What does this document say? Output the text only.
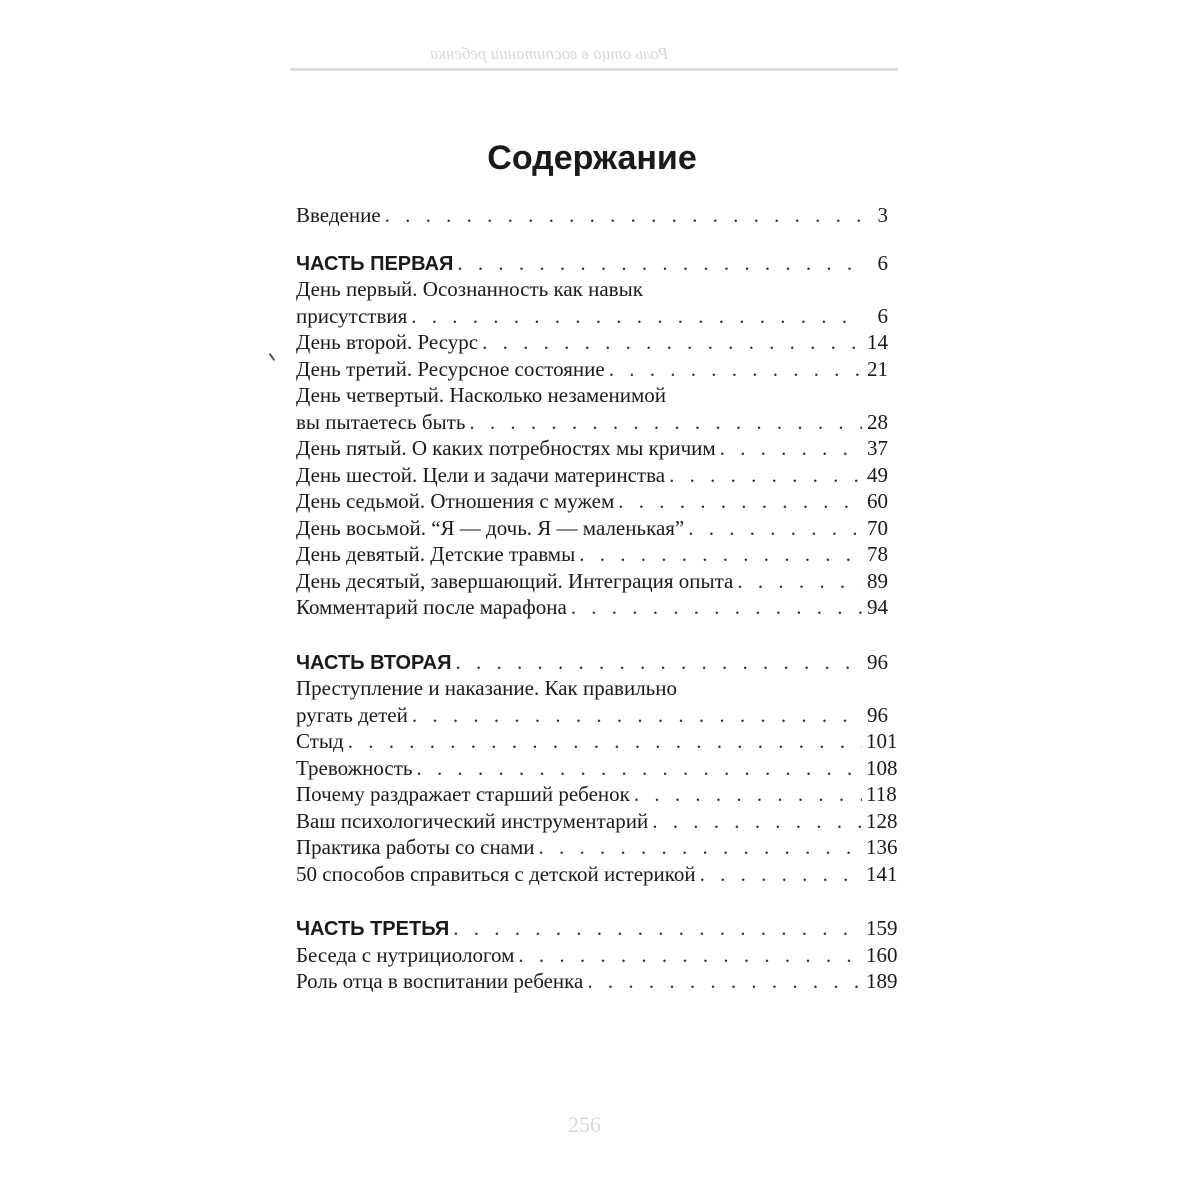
Роль отца в воспитании ребенка
256
Содержание
Введение . . .	3
ЧАСТЬ ПЕРВАЯ . . .	6
День первый. Осознанность как навык
присутствия . . .	6
День второй. Ресурс . . .	14
День третий. Ресурсное состояние . . .	21
День четвертый. Насколько незаменимой
вы пытаетесь быть . . .	28
День пятый. О каких потребностях мы кричим . . .	37
День шестой. Цели и задачи материнства . . .	49
День седьмой. Отношения с мужем . . .	60
День восьмой. “Я — дочь. Я — маленькая” . . .	70
День девятый. Детские травмы . . .	78
День десятый, завершающий. Интеграция опыта . . .	89
Комментарий после марафона . . .	94
ЧАСТЬ ВТОРАЯ . . .	96
Преступление и наказание. Как правильно
ругать детей . . .	96
Стыд . . .	101
Тревожность . . .	108
Почему раздражает старший ребенок . . .	118
Ваш психологический инструментарий . . .	128
Практика работы со снами . . .	136
50 способов справиться с детской истерикой . . .	141
ЧАСТЬ ТРЕТЬЯ . . .	159
Беседа с нутрициологом . . .	160
Роль отца в воспитании ребенка . . .	189
